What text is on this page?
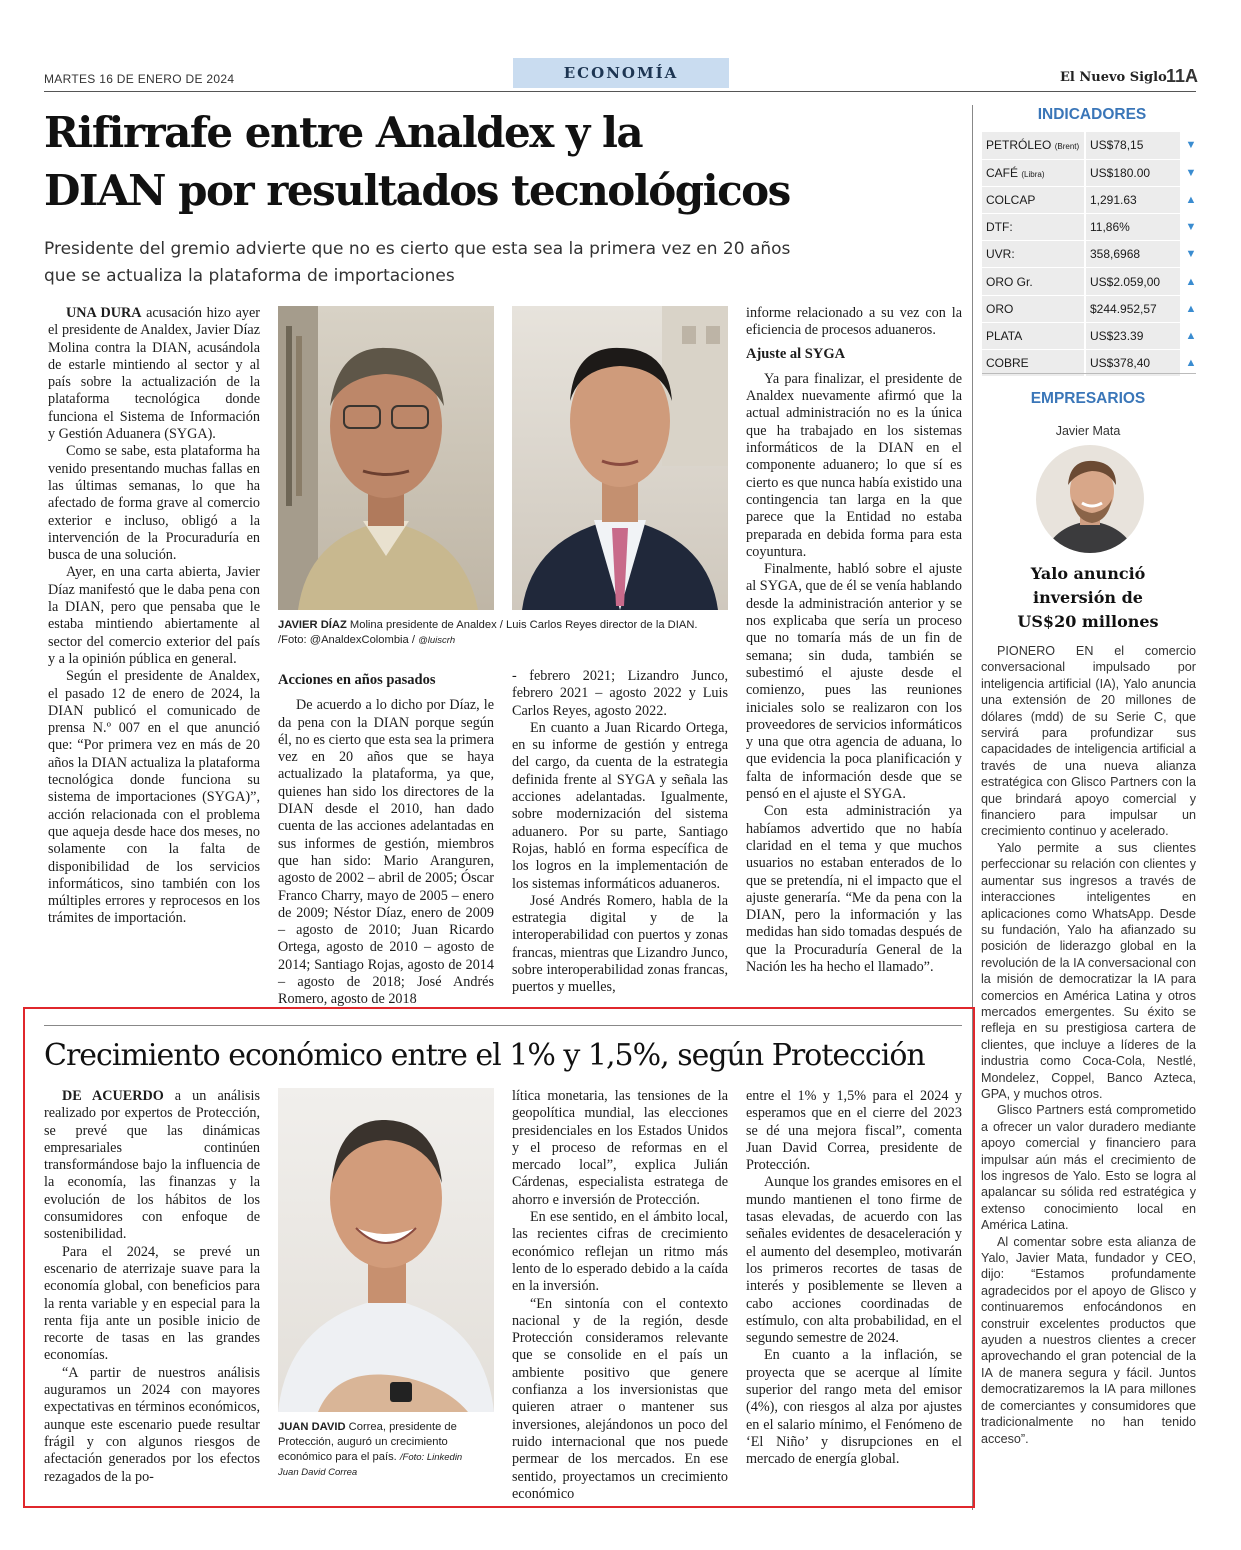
MARTES 16 DE ENERO DE 2024	ECONOMÍA	El Nuevo Siglo 11A
Rifirrafe entre Analdex y la
DIAN por resultados tecnológicos
Presidente del gremio advierte que no es cierto que esta sea la primera vez en 20 años
que se actualiza la plataforma de importaciones

UNA DURA acusación hizo ayer el presidente de Analdex, Javier Díaz Molina contra la DIAN, acusándola de estarle mintiendo al sector y al país sobre la actualización de la plataforma tecnológica donde funciona el Sistema de Información y Gestión Aduanera (SYGA).

Como se sabe, esta plataforma ha venido presentando muchas fallas en las últimas semanas, lo que ha afectado de forma grave al comercio exterior e incluso, obligó a la intervención de la Procuraduría en busca de una solución.

Ayer, en una carta abierta, Javier Díaz manifestó que le daba pena con la DIAN, pero que pensaba que le estaba mintiendo abiertamente al sector del comercio exterior del país y a la opinión pública en general.

Según el presidente de Analdex, el pasado 12 de enero de 2024, la DIAN publicó el comunicado de prensa N.º 007 en el que anunció que: “Por primera vez en más de 20 años la DIAN actualiza la plataforma tecnológica donde funciona su sistema de importaciones (SYGA)”, acción relacionada con el problema que aqueja desde hace dos meses, no solamente con la falta de disponibilidad de los servicios informáticos, sino también con los múltiples errores y reprocesos en los trámites de importación.

JAVIER DÍAZ Molina presidente de Analdex / Luis Carlos Reyes director de la DIAN. /Foto: @AnaldexColombia / @luiscrh

Acciones en años pasados

De acuerdo a lo dicho por Díaz, le da pena con la DIAN porque según él, no es cierto que esta sea la primera vez en 20 años que se haya actualizado la plataforma, ya que, quienes han sido los directores de la DIAN desde el 2010, han dado cuenta de las acciones adelantadas en sus informes de gestión, miembros que han sido: Mario Aranguren, agosto de 2002 – abril de 2005; Óscar Franco Charry, mayo de 2005 – enero de 2009; Néstor Díaz, enero de 2009 – agosto de 2010; Juan Ricardo Ortega, agosto de 2010 – agosto de 2014; Santiago Rojas, agosto de 2014 – agosto de 2018; José Andrés Romero, agosto de 2018

- febrero 2021; Lizandro Junco, febrero 2021 – agosto 2022 y Luis Carlos Reyes, agosto 2022.

En cuanto a Juan Ricardo Ortega, en su informe de gestión y entrega del cargo, da cuenta de la estrategia definida frente al SYGA y señala las acciones adelantadas. Igualmente, sobre modernización del sistema aduanero. Por su parte, Santiago Rojas, habló en forma específica de los logros en la implementación de los sistemas informáticos aduaneros.

José Andrés Romero, habla de la estrategia digital y de la interoperabilidad con puertos y zonas francas, mientras que Lizandro Junco, sobre interoperabilidad zonas francas, puertos y muelles,

informe relacionado a su vez con la eficiencia de procesos aduaneros.

Ajuste al SYGA

Ya para finalizar, el presidente de Analdex nuevamente afirmó que la actual administración no es la única que ha trabajado en los sistemas informáticos de la DIAN en el componente aduanero; lo que sí es cierto es que nunca había existido una contingencia tan larga en la que parece que la Entidad no estaba preparada en debida forma para esta coyuntura.

Finalmente, habló sobre el ajuste al SYGA, que de él se venía hablando desde la administración anterior y se nos explicaba que sería un proceso que no tomaría más de un fin de semana; sin duda, también se subestimó el ajuste desde el comienzo, pues las reuniones iniciales solo se realizaron con los proveedores de servicios informáticos y una que otra agencia de aduana, lo que evidencia la poca planificación y falta de información desde que se pensó en el ajuste el SYGA.

Con esta administración ya habíamos advertido que no había claridad en el tema y que muchos usuarios no estaban enterados de lo que se pretendía, ni el impacto que el ajuste generaría. “Me da pena con la DIAN, pero la información y las medidas han sido tomadas después de que la Procuraduría General de la Nación les ha hecho el llamado”.

INDICADORES
PETRÓLEO (Brent)	US$78,15	▼
CAFÉ (Libra)	US$180.00	▼
COLCAP	1,291.63	▲
DTF:	11,86%	▼
UVR:	358,6968	▼
ORO Gr.	US$2.059,00	▲
ORO	$244.952,57	▲
PLATA	US$23.39	▲
COBRE	US$378,40	▲
EMPRESARIOS
Javier Mata
Yalo anunció
inversión de
US$20 millones

PIONERO EN el comercio conversacional impulsado por inteligencia artificial (IA), Yalo anuncia una extensión de 20 millones de dólares (mdd) de su Serie C, que servirá para profundizar sus capacidades de inteligencia artificial a través de una nueva alianza estratégica con Glisco Partners con la que brindará apoyo comercial y financiero para impulsar un crecimiento continuo y acelerado.

Yalo permite a sus clientes perfeccionar su relación con clientes y aumentar sus ingresos a través de interacciones inteligentes en aplicaciones como WhatsApp. Desde su fundación, Yalo ha afianzado su posición de liderazgo global en la revolución de la IA conversacional con la misión de democratizar la IA para comercios en América Latina y otros mercados emergentes. Su éxito se refleja en su prestigiosa cartera de clientes, que incluye a líderes de la industria como Coca-Cola, Nestlé, Mondelez, Coppel, Banco Azteca, GPA, y muchos otros.

Glisco Partners está comprometido a ofrecer un valor duradero mediante apoyo comercial y financiero para impulsar aún más el crecimiento de los ingresos de Yalo. Esto se logra al apalancar su sólida red estratégica y extenso conocimiento local en América Latina.

Al comentar sobre esta alianza de Yalo, Javier Mata, fundador y CEO, dijo: “Estamos profundamente agradecidos por el apoyo de Glisco y continuaremos enfocándonos en construir excelentes productos que ayuden a nuestros clientes a crecer aprovechando el gran potencial de la IA de manera segura y fácil. Juntos democratizaremos la IA para millones de comerciantes y consumidores que tradicionalmente no han tenido acceso”.

Crecimiento económico entre el 1% y 1,5%, según Protección

DE ACUERDO a un análisis realizado por expertos de Protección, se prevé que las dinámicas empresariales continúen transformándose bajo la influencia de la economía, las finanzas y la evolución de los hábitos de los consumidores con enfoque de sostenibilidad.

Para el 2024, se prevé un escenario de aterrizaje suave para la economía global, con beneficios para la renta variable y en especial para la renta fija ante un posible inicio de recorte de tasas en las grandes economías.

“A partir de nuestros análisis auguramos un 2024 con mayores expectativas en términos económicos, aunque este escenario puede resultar frágil y con algunos riesgos de afectación generados por los efectos rezagados de la po-

JUAN DAVID Correa, presidente de Protección, auguró un crecimiento económico para el país. /Foto: Linkedin
Juan David Correa

lítica monetaria, las tensiones de la geopolítica mundial, las elecciones presidenciales en los Estados Unidos y el proceso de reformas en el mercado local”, explica Julián Cárdenas, especialista estratega de ahorro e inversión de Protección.

En ese sentido, en el ámbito local, las recientes cifras de crecimiento económico reflejan un ritmo más lento de lo esperado debido a la caída en la inversión.

“En sintonía con el contexto nacional y de la región, desde Protección consideramos relevante que se consolide en el país un ambiente positivo que genere confianza a los inversionistas que quieren atraer o mantener sus inversiones, alejándonos un poco del ruido internacional que nos puede permear de los mercados. En ese sentido, proyectamos un crecimiento económico

entre el 1% y 1,5% para el 2024 y esperamos que en el cierre del 2023 se dé una mejora fiscal”, comenta Juan David Correa, presidente de Protección.

Aunque los grandes emisores en el mundo mantienen el tono firme de tasas elevadas, de acuerdo con las señales evidentes de desaceleración y el aumento del desempleo, motivarán los primeros recortes de tasas de interés y posiblemente se lleven a cabo acciones coordinadas de estímulo, con alta probabilidad, en el segundo semestre de 2024.

En cuanto a la inflación, se proyecta que se acerque al límite superior del rango meta del emisor (4%), con riesgos al alza por ajustes en el salario mínimo, el Fenómeno de ‘El Niño’ y disrupciones en el mercado de energía global.
